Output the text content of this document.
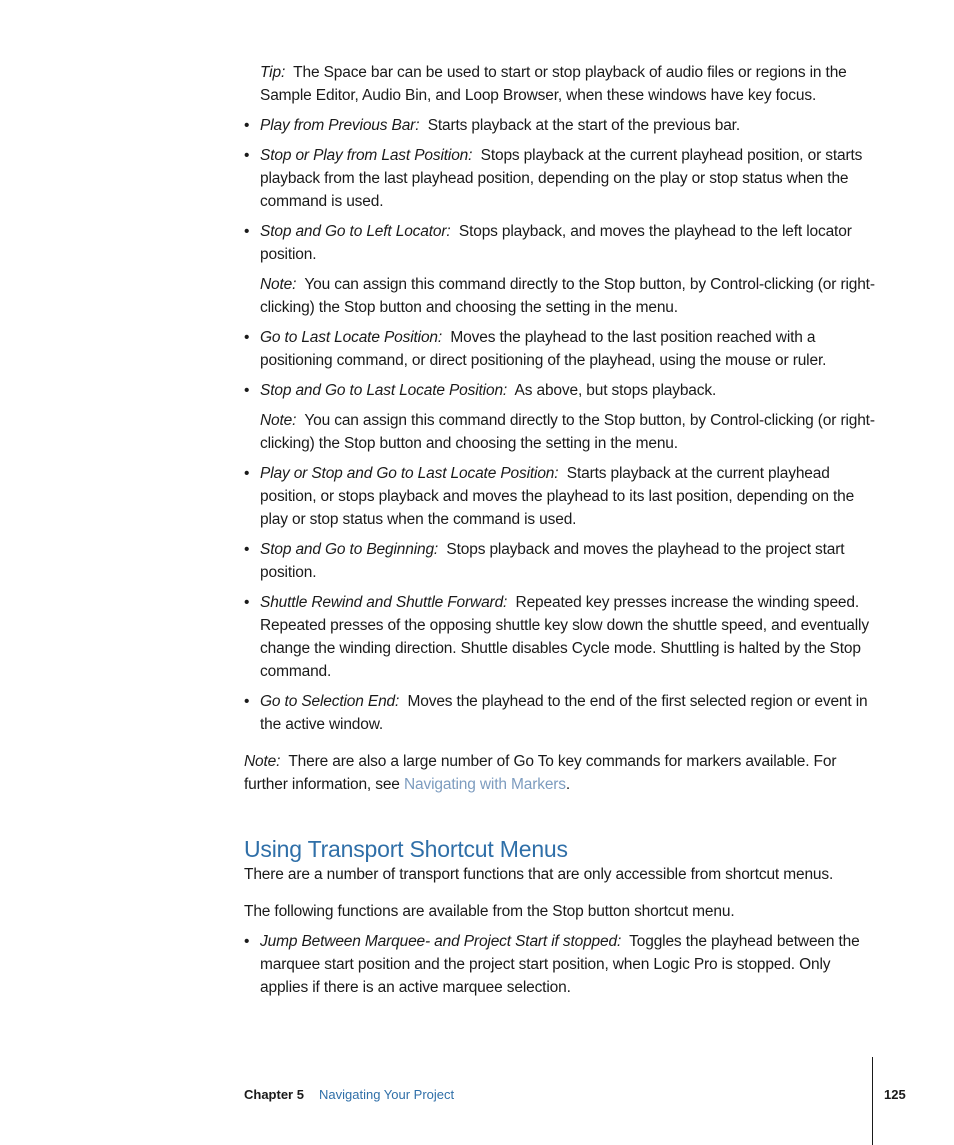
Tip: The Space bar can be used to start or stop playback of audio files or regions in the Sample Editor, Audio Bin, and Loop Browser, when these windows have key focus.
• Play from Previous Bar: Starts playback at the start of the previous bar.
• Stop or Play from Last Position: Stops playback at the current playhead position, or starts playback from the last playhead position, depending on the play or stop status when the command is used.
• Stop and Go to Left Locator: Stops playback, and moves the playhead to the left locator position.
Note: You can assign this command directly to the Stop button, by Control-clicking (or right-clicking) the Stop button and choosing the setting in the menu.
• Go to Last Locate Position: Moves the playhead to the last position reached with a positioning command, or direct positioning of the playhead, using the mouse or ruler.
• Stop and Go to Last Locate Position: As above, but stops playback.
Note: You can assign this command directly to the Stop button, by Control-clicking (or right-clicking) the Stop button and choosing the setting in the menu.
• Play or Stop and Go to Last Locate Position: Starts playback at the current playhead position, or stops playback and moves the playhead to its last position, depending on the play or stop status when the command is used.
• Stop and Go to Beginning: Stops playback and moves the playhead to the project start position.
• Shuttle Rewind and Shuttle Forward: Repeated key presses increase the winding speed. Repeated presses of the opposing shuttle key slow down the shuttle speed, and eventually change the winding direction. Shuttle disables Cycle mode. Shuttling is halted by the Stop command.
• Go to Selection End: Moves the playhead to the end of the first selected region or event in the active window.
Note: There are also a large number of Go To key commands for markers available. For further information, see Navigating with Markers.
Using Transport Shortcut Menus
There are a number of transport functions that are only accessible from shortcut menus.
The following functions are available from the Stop button shortcut menu.
• Jump Between Marquee- and Project Start if stopped: Toggles the playhead between the marquee start position and the project start position, when Logic Pro is stopped. Only applies if there is an active marquee selection.
Chapter 5 Navigating Your Project	125
